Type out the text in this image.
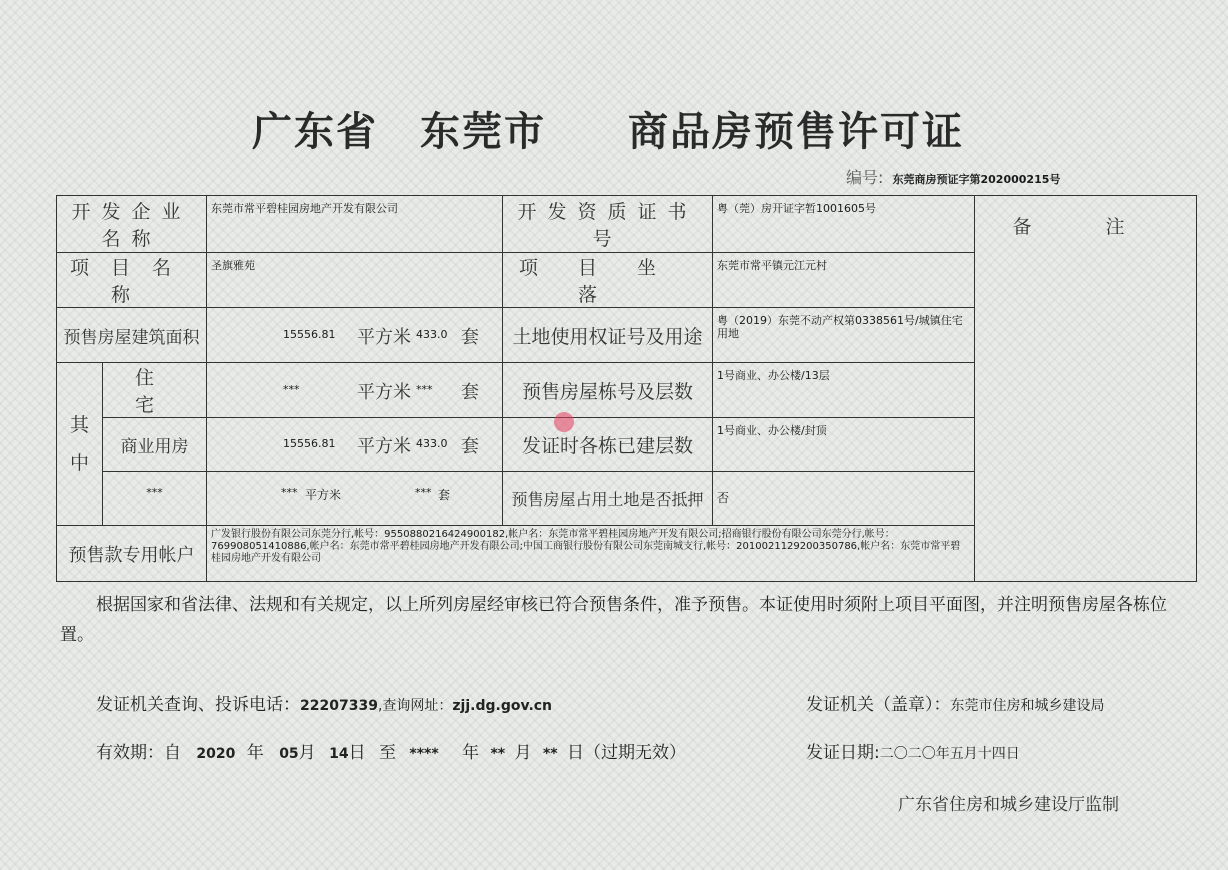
广东省 东莞市 商品房预售许可证
编号: 东莞商房预证字第202000215号
开发企业名称		东莞市常平碧桂园房地产开发有限公司	开发资质证书号	粤（莞）房开证字暂1001605号	备 注
项目名称		圣旗雅苑	项目坐落	东莞市常平镇元江元村	
预售房屋建筑面积		15556.81 平方米 433.0 套	土地使用权证号及用途	粤（2019）东莞不动产权第0338561号/城镇住宅用地	
其中	住 宅	*** 平方米 *** 套	预售房屋栋号及层数	1号商业、办公楼/13层	
	商业用房	15556.81 平方米 433.0 套	发证时各栋已建层数	1号商业、办公楼/封顶	
	***	*** 平方米 *** 套	预售房屋占用土地是否抵押	否	
预售款专用帐户		广发银行股份有限公司东莞分行,帐号：9550880216424900182,帐户名：东莞市常平碧桂园房地产开发有限公司;招商银行股份有限公司东莞分行,帐号：769908051410886,帐户名：东莞市常平碧桂园房地产开发有限公司;中国工商银行股份有限公司东莞南城支行,帐号：2010021129200350786,帐户名：东莞市常平碧桂园房地产开发有限公司			
根据国家和省法律、法规和有关规定，以上所列房屋经审核已符合预售条件，准予预售。本证使用时须附上项目平面图，并注明预售房屋各栋位置。
发证机关查询、投诉电话：22207339,查询网址：zjj.dg.gov.cn	发证机关（盖章）：东莞市住房和城乡建设局
有效期：自 2020 年 05月 14日 至 **** 年 ** 月 ** 日（过期无效）	发证日期:二〇二〇年五月十四日
广东省住房和城乡建设厅监制
